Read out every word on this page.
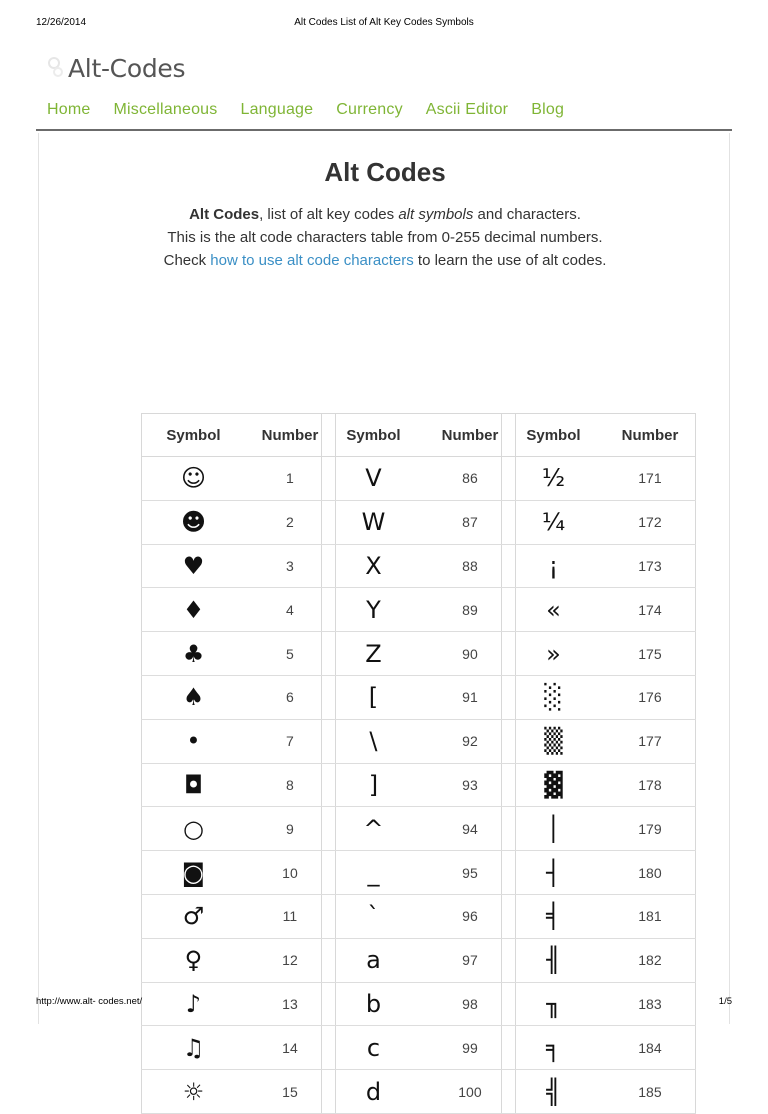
12/26/2014	Alt Codes List of Alt Key Codes Symbols
Alt-Codes
Home	Miscellaneous	Language	Currency	Ascii Editor	Blog
Alt Codes
Alt Codes, list of alt key codes alt symbols and characters.
This is the alt code characters table from 0-255 decimal numbers.
Check how to use alt code characters to learn the use of alt codes.
Symbol	Number
☺	1
☻	2
♥	3
♦	4
♣	5
♠	6
•	7
◘	8
○	9
◙	10
♂	11
♀	12
♪	13
♫	14
☼	15
Symbol	Number
V	86
W	87
X	88
Y	89
Z	90
[	91
\	92
]	93
^	94
_	95
`	96
a	97
b	98
c	99
d	100
Symbol	Number
½	171
¼	172
¡	173
«	174
»	175
░	176
▒	177
▓	178
│	179
┤	180
╡	181
╢	182
╖	183
╕	184
╣	185
http://www.alt- codes.net/	1/5
